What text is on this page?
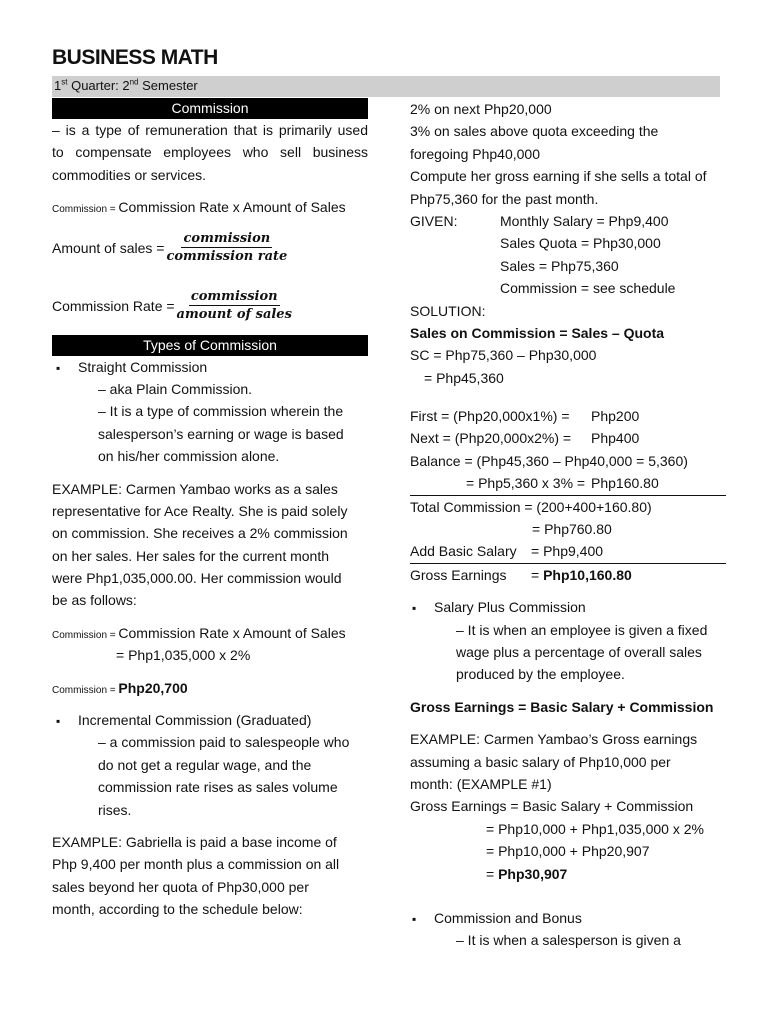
BUSINESS MATH
1st Quarter: 2nd Semester
Commission
– is a type of remuneration that is primarily used
to compensate employees who sell business
commodities or services.
Commission = Commission Rate x Amount of Sales
Amount of sales = $\frac{\text{commission}}{\text{commission rate}}$
Commission Rate = $\frac{\text{commission}}{\text{amount of sales}}$
Types of Commission
▪ Straight Commission
– aka Plain Commission.
– It is a type of commission wherein the
salesperson’s earning or wage is based
on his/her commission alone.
EXAMPLE: Carmen Yambao works as a sales
representative for Ace Realty. She is paid solely
on commission. She receives a 2% commission
on her sales. Her sales for the current month
were Php1,035,000.00. Her commission would
be as follows:
Commission = Commission Rate x Amount of Sales
= Php1,035,000 x 2%
Commission = Php20,700
▪ Incremental Commission (Graduated)
– a commission paid to salespeople who
do not get a regular wage, and the
commission rate rises as sales volume
rises.
EXAMPLE: Gabriella is paid a base income of
Php 9,400 per month plus a commission on all
sales beyond her quota of Php30,000 per
month, according to the schedule below:
2% on next Php20,000
3% on sales above quota exceeding the
foregoing Php40,000
Compute her gross earning if she sells a total of
Php75,360 for the past month.
GIVEN:	Monthly Salary = Php9,400
Sales Quota = Php30,000
Sales = Php75,360
Commission = see schedule
SOLUTION:
Sales on Commission = Sales – Quota
SC = Php75,360 – Php30,000
= Php45,360
First = (Php20,000x1%) = Php200
Next = (Php20,000x2%) = Php400
Balance = (Php45,360 – Php40,000 = 5,360)
= Php5,360 x 3% = Php160.80
Total Commission = (200+400+160.80)
= Php760.80
Add Basic Salary = Php9,400
Gross Earnings = Php10,160.80
▪ Salary Plus Commission
– It is when an employee is given a fixed
wage plus a percentage of overall sales
produced by the employee.
Gross Earnings = Basic Salary + Commission
EXAMPLE: Carmen Yambao’s Gross earnings
assuming a basic salary of Php10,000 per
month: (EXAMPLE #1)
Gross Earnings = Basic Salary + Commission
= Php10,000 + Php1,035,000 x 2%
= Php10,000 + Php20,907
= Php30,907
▪ Commission and Bonus
– It is when a salesperson is given a
